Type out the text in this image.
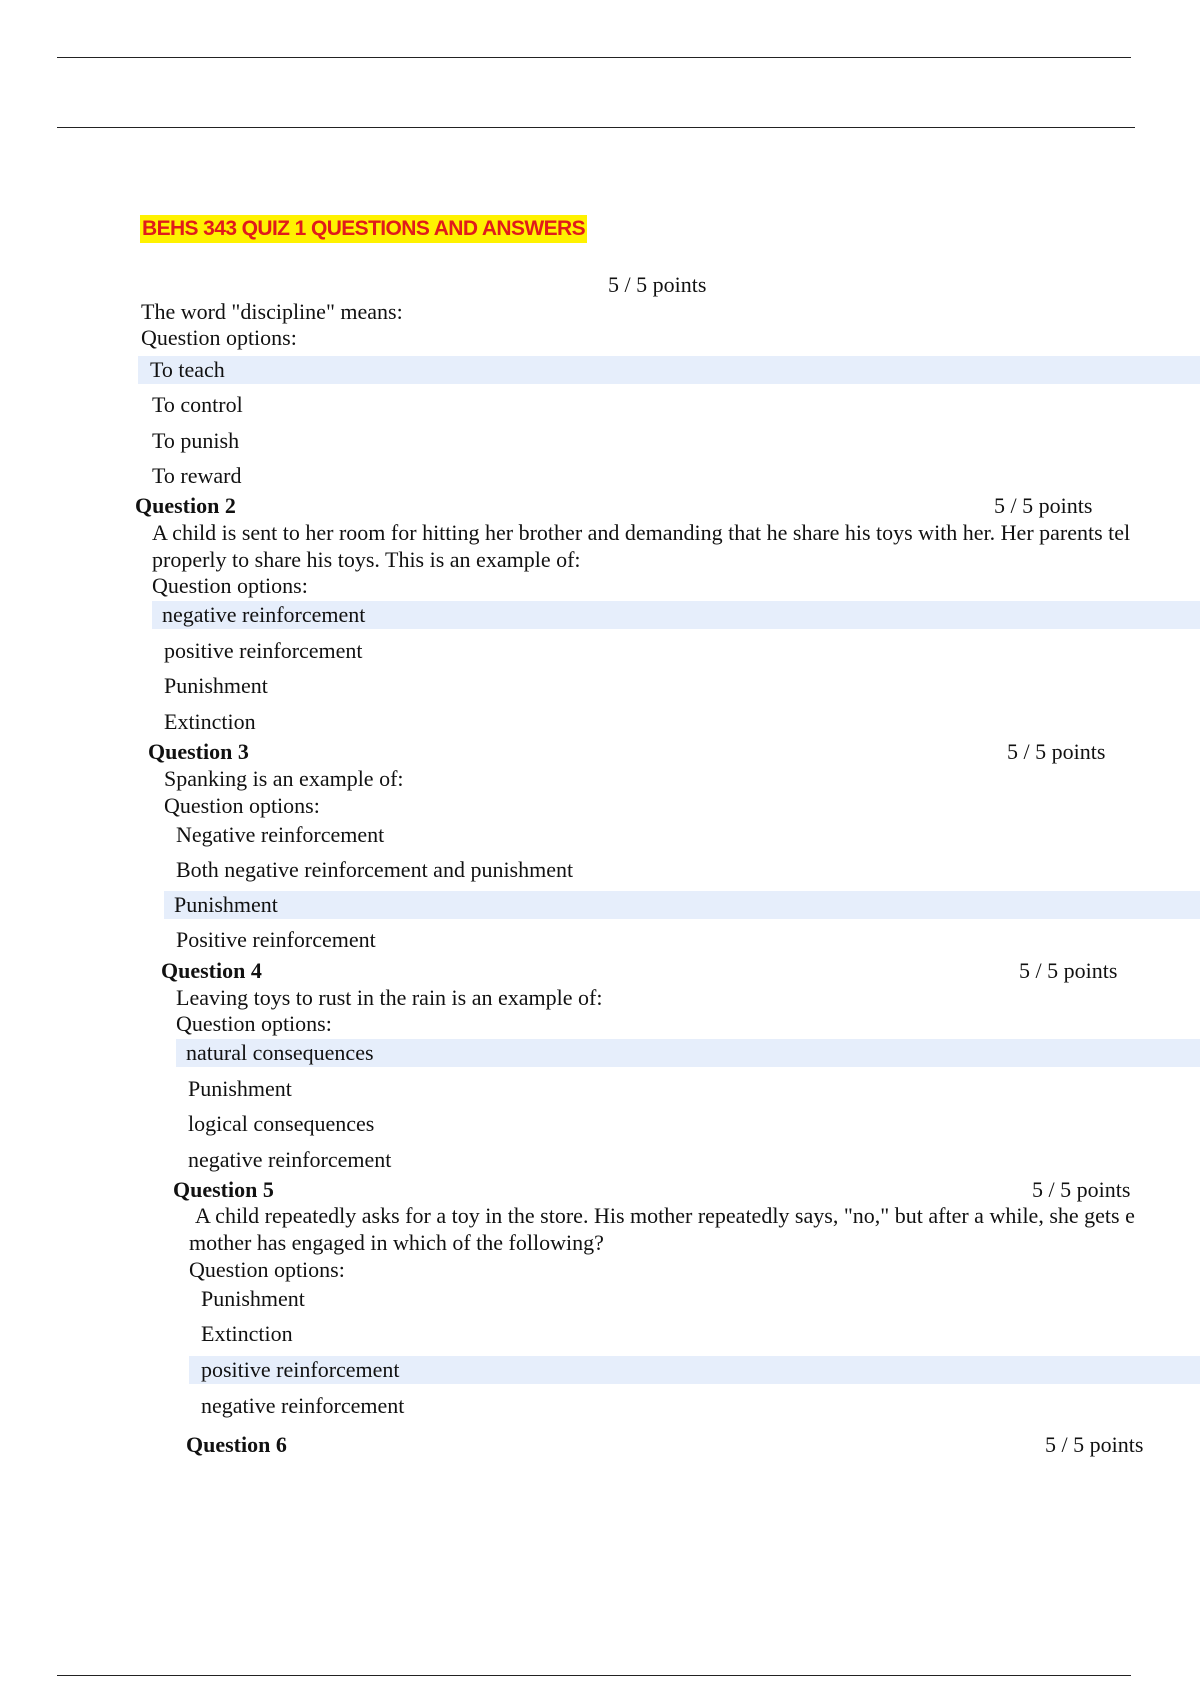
BEHS 343 QUIZ 1 QUESTIONS AND ANSWERS
5 / 5 points
The word "discipline" means:
Question options:
To teach
To control
To punish
To reward
Question 2	5 / 5 points
A child is sent to her room for hitting her brother and demanding that he share his toys with her. Her parents tel
properly to share his toys. This is an example of:
Question options:
negative reinforcement
positive reinforcement
Punishment
Extinction
Question 3	5 / 5 points
Spanking is an example of:
Question options:
Negative reinforcement
Both negative reinforcement and punishment
Punishment
Positive reinforcement
Question 4	5 / 5 points
Leaving toys to rust in the rain is an example of:
Question options:
natural consequences
Punishment
logical consequences
negative reinforcement
Question 5	5 / 5 points
A child repeatedly asks for a toy in the store. His mother repeatedly says, "no," but after a while, she gets e
mother has engaged in which of the following?
Question options:
Punishment
Extinction
positive reinforcement
negative reinforcement
Question 6	5 / 5 points
